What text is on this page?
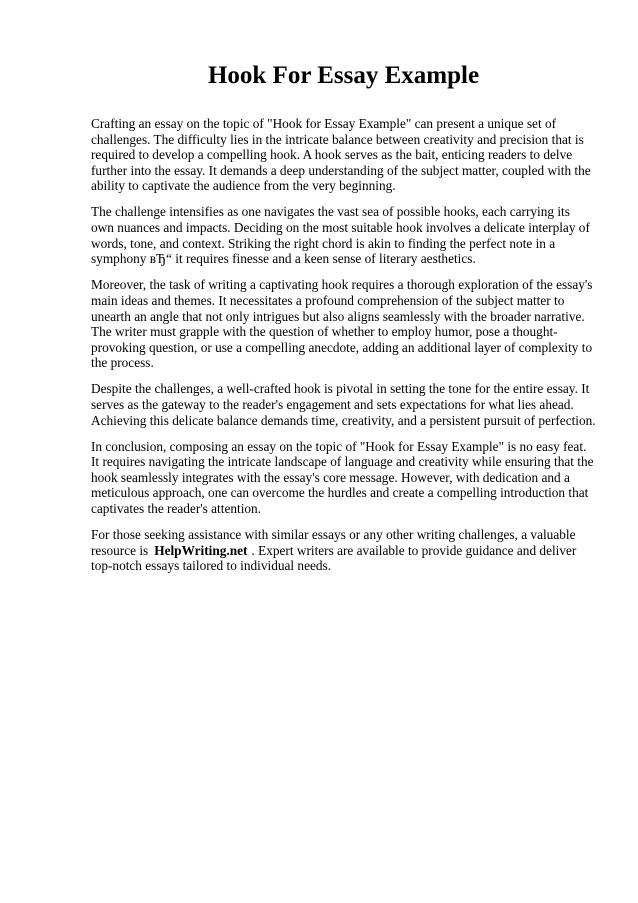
Hook For Essay Example

Crafting an essay on the topic of "Hook for Essay Example" can present a unique set of challenges. The difficulty lies in the intricate balance between creativity and precision that is required to develop a compelling hook. A hook serves as the bait, enticing readers to delve further into the essay. It demands a deep understanding of the subject matter, coupled with the ability to captivate the audience from the very beginning.

The challenge intensifies as one navigates the vast sea of possible hooks, each carrying its own nuances and impacts. Deciding on the most suitable hook involves a delicate interplay of words, tone, and context. Striking the right chord is akin to finding the perfect note in a symphony вЂ“ it requires finesse and a keen sense of literary aesthetics.

Moreover, the task of writing a captivating hook requires a thorough exploration of the essay's main ideas and themes. It necessitates a profound comprehension of the subject matter to unearth an angle that not only intrigues but also aligns seamlessly with the broader narrative. The writer must grapple with the question of whether to employ humor, pose a thought-provoking question, or use a compelling anecdote, adding an additional layer of complexity to the process.

Despite the challenges, a well-crafted hook is pivotal in setting the tone for the entire essay. It serves as the gateway to the reader's engagement and sets expectations for what lies ahead. Achieving this delicate balance demands time, creativity, and a persistent pursuit of perfection.

In conclusion, composing an essay on the topic of "Hook for Essay Example" is no easy feat. It requires navigating the intricate landscape of language and creativity while ensuring that the hook seamlessly integrates with the essay's core message. However, with dedication and a meticulous approach, one can overcome the hurdles and create a compelling introduction that captivates the reader's attention.

For those seeking assistance with similar essays or any other writing challenges, a valuable resource is HelpWriting.net . Expert writers are available to provide guidance and deliver top-notch essays tailored to individual needs.
